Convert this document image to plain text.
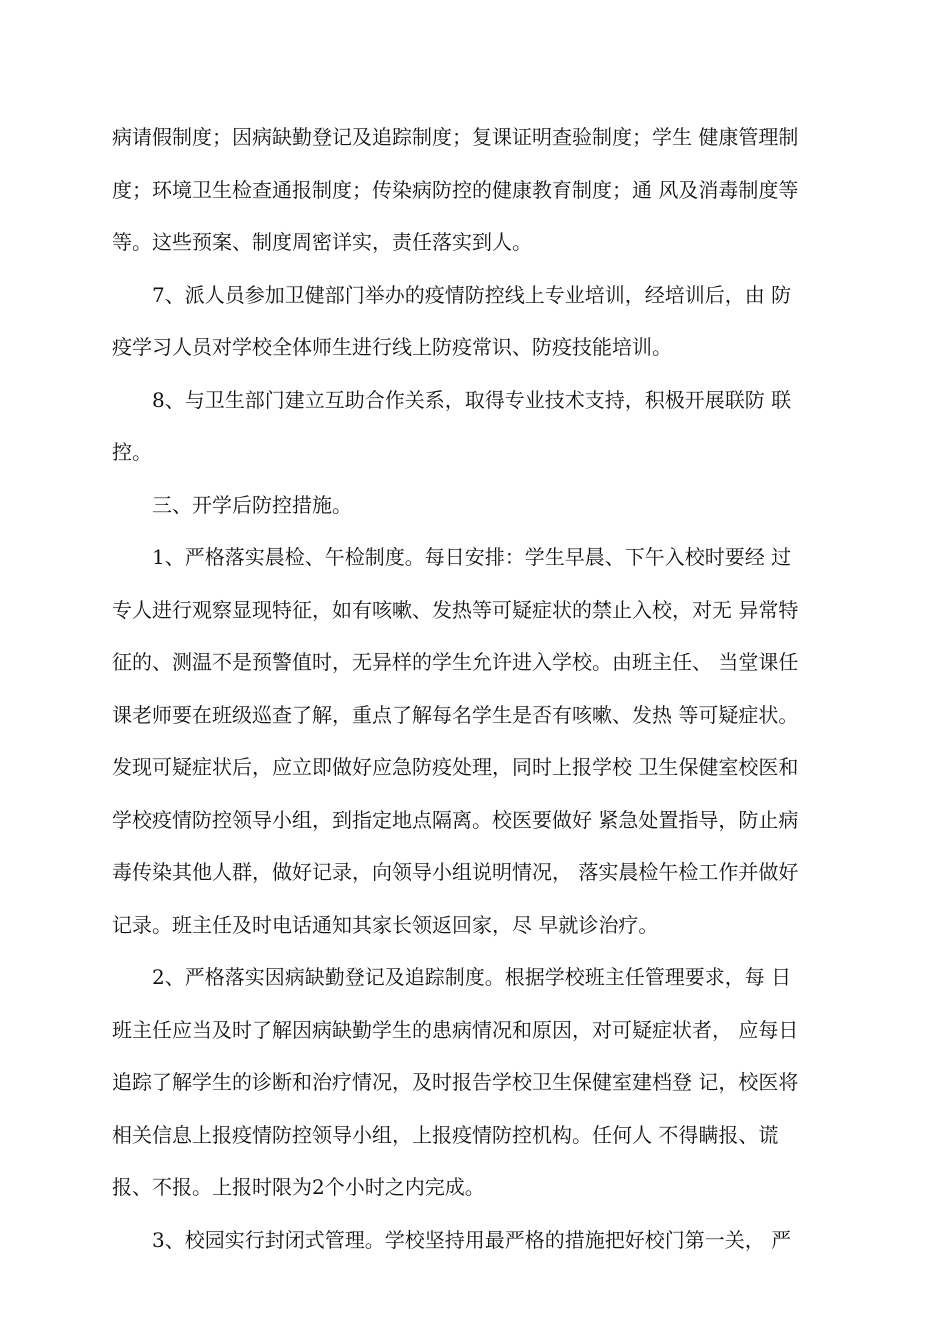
病请假制度；因病缺勤登记及追踪制度；复课证明查验制度；学生 健康管理制
度；环境卫生检查通报制度；传染病防控的健康教育制度；通 风及消毒制度等
等。这些预案、制度周密详实，责任落实到人。
7、派人员参加卫健部门举办的疫情防控线上专业培训，经培训后，由 防
疫学习人员对学校全体师生进行线上防疫常识、防疫技能培训。
8、与卫生部门建立互助合作关系，取得专业技术支持，积极开展联防 联
控。
三、开学后防控措施。
1、严格落实晨检、午检制度。每日安排：学生早晨、下午入校时要经 过
专人进行观察显现特征，如有咳嗽、发热等可疑症状的禁止入校，对无 异常特
征的、测温不是预警值时，无异样的学生允许进入学校。由班主任、 当堂课任
课老师要在班级巡查了解，重点了解每名学生是否有咳嗽、发热 等可疑症状。
发现可疑症状后，应立即做好应急防疫处理，同时上报学校 卫生保健室校医和
学校疫情防控领导小组，到指定地点隔离。校医要做好 紧急处置指导，防止病
毒传染其他人群，做好记录，向领导小组说明情况， 落实晨检午检工作并做好
记录。班主任及时电话通知其家长领返回家，尽 早就诊治疗。
2、严格落实因病缺勤登记及追踪制度。根据学校班主任管理要求，每 日
班主任应当及时了解因病缺勤学生的患病情况和原因，对可疑症状者， 应每日
追踪了解学生的诊断和治疗情况，及时报告学校卫生保健室建档登 记，校医将
相关信息上报疫情防控领导小组，上报疫情防控机构。任何人 不得瞒报、谎
报、不报。上报时限为2个小时之内完成。
3、校园实行封闭式管理。学校坚持用最严格的措施把好校门第一关， 严
